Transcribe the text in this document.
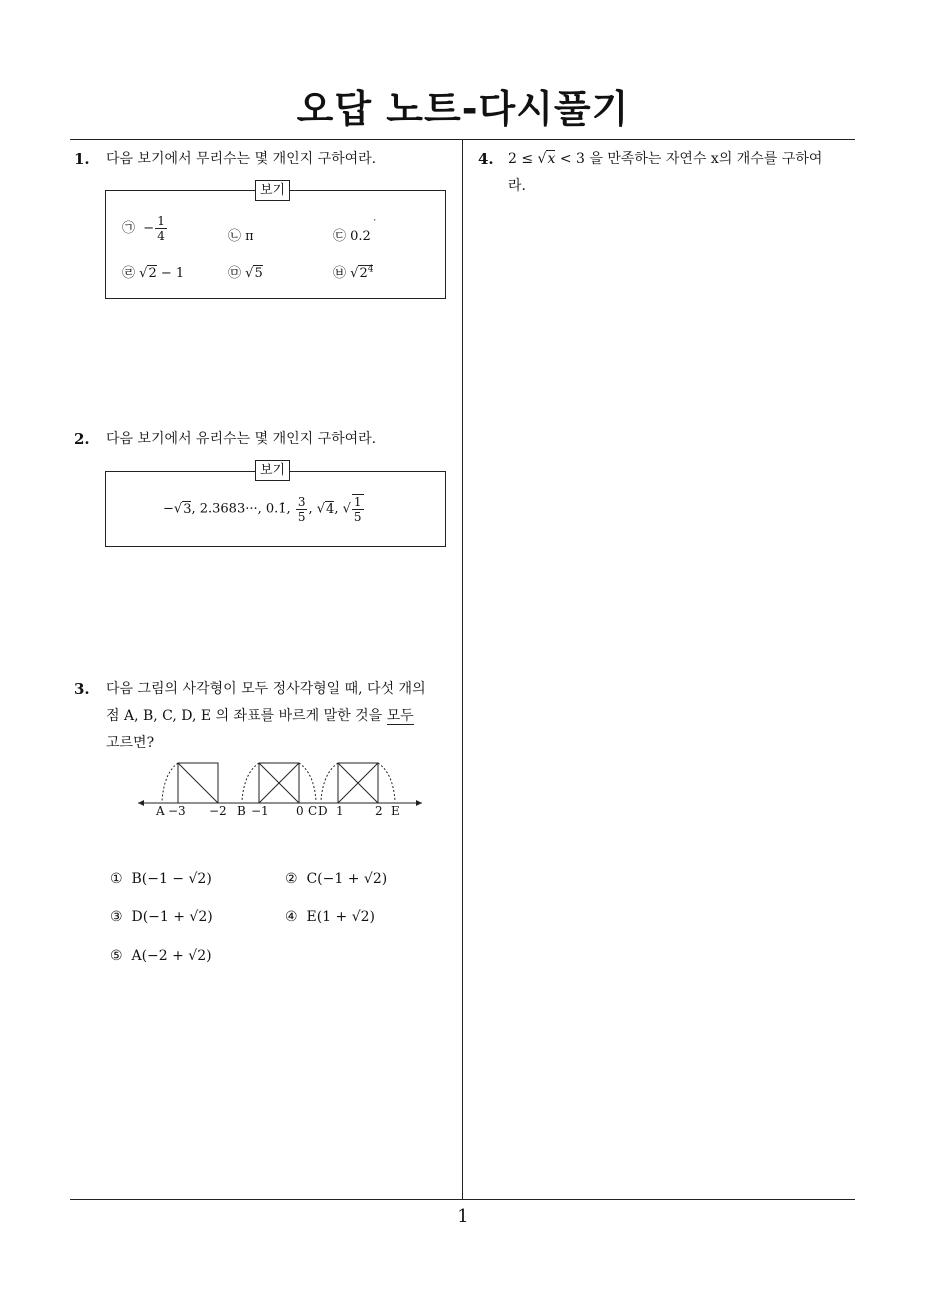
오답 노트-다시풀기
1. 다음 보기에서 무리수는 몇 개인지 구하여라.
보기
㉠  − $\frac{1}{4}$	㉡ π	㉢ 0.2
˙
㉣ √2 − 1	㉤ √5	㉥ $√2^4$
2. 다음 보기에서 유리수는 몇 개인지 구하여라.
보기
−√3, 2.3683···, 0.1̇, $\frac{3}{5}$ , √4, √ $\frac{1}{5}$
3. 다음 그림의 사각형이 모두 정사각형일 때, 다섯 개의
점 A, B, C, D, E 의 좌표를 바르게 말한 것을 모두
고르면?
A −3 −2 B −1 0 C D 1	2 E
① B(−1 − √2)	② C(−1 + √2)
③ D(−1 + √2)	④ E(1 + √2)
⑤ A(−2 + √2)
4. 2 ≤ √x < 3 을 만족하는 자연수 x의 개수를 구하여
라.
1
